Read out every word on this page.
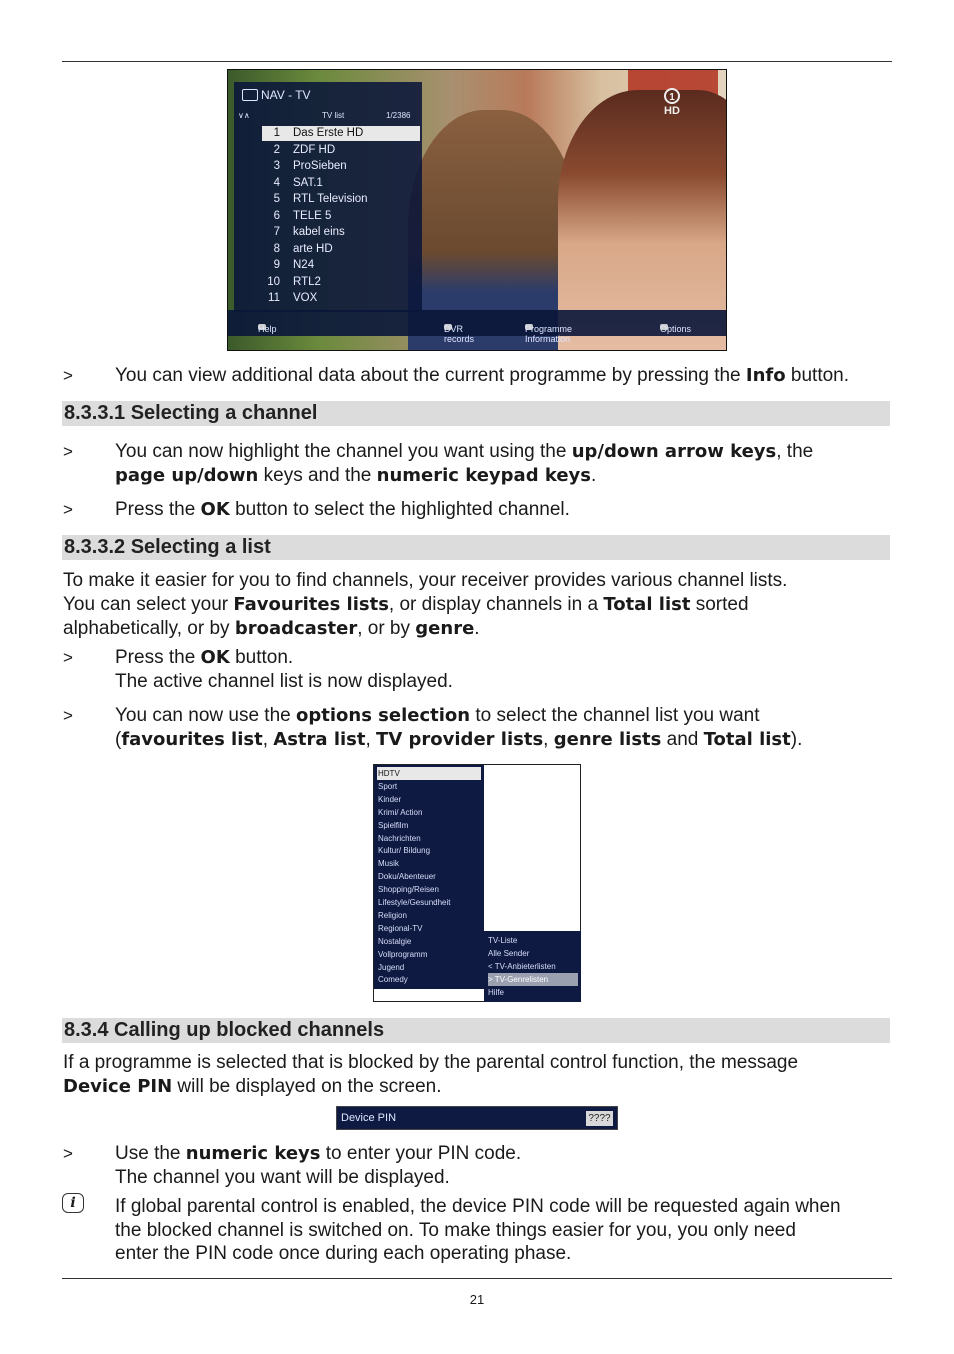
1
HD
NAV - TV
∨∧	TV list	1/2386
1 Das Erste HD
2 ZDF HD
3 ProSieben
4 SAT.1
5 RTL Television
6 TELE 5
7 kabel eins
8 arte HD
9 N24
10 RTL2
11 VOX
Help	DVR records
Programme Information
Options
> You can view additional data about the current programme by pressing the Info button.
8.3.3.1 Selecting a channel
> You can now highlight the channel you want using the up/down arrow keys, the
page up/down keys and the numeric keypad keys.
> Press the OK button to select the highlighted channel.
8.3.3.2 Selecting a list
To make it easier for you to find channels, your receiver provides various channel lists.
You can select your Favourites lists, or display channels in a Total list sorted
alphabetically, or by broadcaster, or by genre.
> Press the OK button.
The active channel list is now displayed.
> You can now use the options selection to select the channel list you want
(favourites list, Astra list, TV provider lists, genre lists and Total list).
HDTV
Sport
Kinder
Krimi/ Action
Spielfilm
Nachrichten
Kultur/ Bildung
Musik
Doku/Abenteuer
Shopping/Reisen
Lifestyle/Gesundheit
Religion
Regional-TV
Nostalgie
Vollprogramm
Jugend
Comedy
TV-Liste
Alle Sender
< TV-Anbieterlisten
> TV-Genrelisten
Hilfe
8.3.4 Calling up blocked channels
If a programme is selected that is blocked by the parental control function, the message
Device PIN will be displayed on the screen.
Device PIN	????
> Use the numeric keys to enter your PIN code.
The channel you want will be displayed.
i	If global parental control is enabled, the device PIN code will be requested again when
the blocked channel is switched on. To make things easier for you, you only need
enter the PIN code once during each operating phase.
21
